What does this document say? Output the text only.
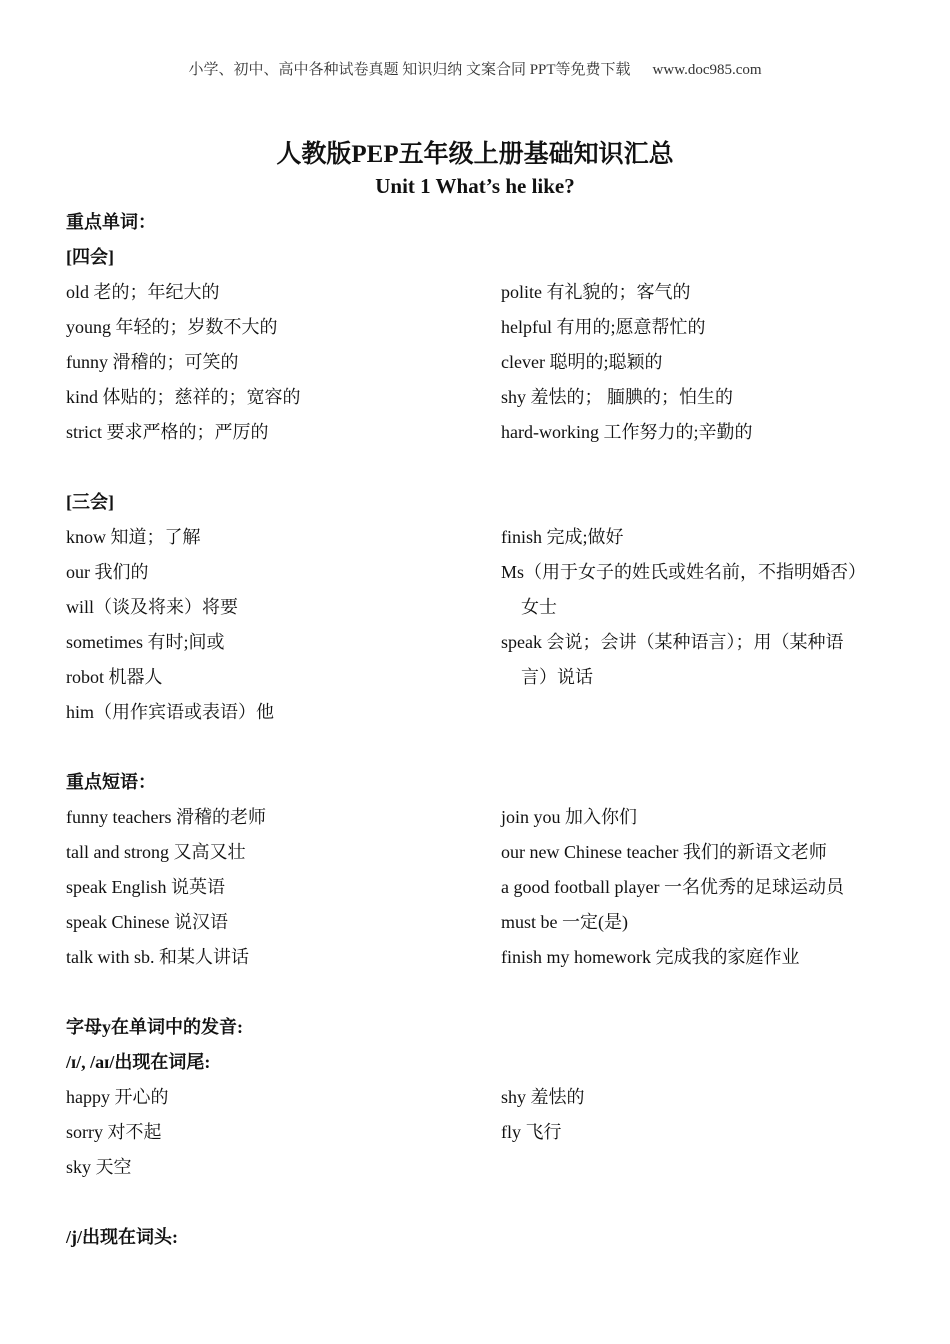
小学、初中、高中各种试卷真题 知识归纳 文案合同 PPT等免费下载 www.doc985.com
人教版PEP五年级上册基础知识汇总
Unit 1 What’s he like?
重点单词：
[四会]
old 老的；年纪大的	polite 有礼貌的；客气的
young 年轻的；岁数不大的	helpful 有用的;愿意帮忙的
funny 滑稽的；可笑的	clever 聪明的;聪颖的
kind 体贴的；慈祥的；宽容的	shy 羞怯的； 腼腆的；怕生的
strict 要求严格的；严厉的	hard-working 工作努力的;辛勤的
[三会]
know 知道；了解	finish 完成;做好
our 我们的	Ms（用于女子的姓氏或姓名前，不指明婚否）
will（谈及将来）将要	女士
sometimes 有时;间或	speak 会说；会讲（某种语言）；用（某种语
robot 机器人	言）说话
him（用作宾语或表语）他
重点短语：
funny teachers 滑稽的老师	join you 加入你们
tall and strong 又高又壮	our new Chinese teacher 我们的新语文老师
speak English 说英语	a good football player 一名优秀的足球运动员
speak Chinese 说汉语	must be 一定(是)
talk with sb. 和某人讲话	finish my homework 完成我的家庭作业
字母y在单词中的发音:
/ɪ/, /aɪ/出现在词尾:
happy 开心的	shy 羞怯的
sorry 对不起	fly 飞行
sky 天空
/j/出现在词头:
